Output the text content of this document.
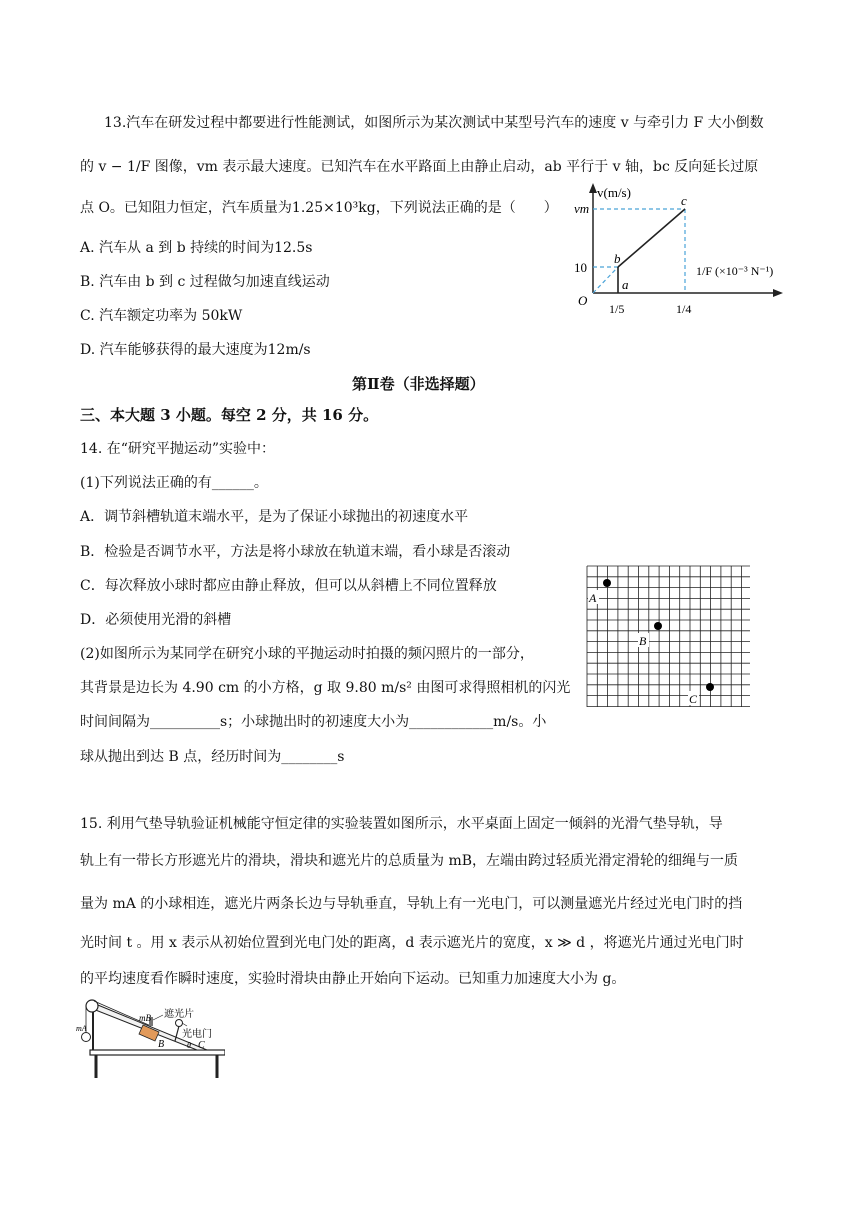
13.汽车在研发过程中都要进行性能测试，如图所示为某次测试中某型号汽车的速度 v 与牵引力 F 大小倒数
的 v − 1/F 图像，vm 表示最大速度。已知汽车在水平路面上由静止启动，ab 平行于 v 轴，bc 反向延长过原
点 O。已知阻力恒定，汽车质量为1.25×10³kg，下列说法正确的是（　　）
A. 汽车从 a 到 b 持续的时间为12.5s
B. 汽车由 b 到 c 过程做匀加速直线运动
C. 汽车额定功率为 50kW
D. 汽车能够获得的最大速度为12m/s
v(m/s)
vm
c
b
a
O
10
1/5	1/4
1/F (×10⁻³ N⁻¹)
第Ⅱ卷（非选择题）
三、本大题 3 小题。每空 2 分，共 16 分。
14. 在“研究平抛运动”实验中：
(1)下列说法正确的有______。
A．调节斜槽轨道末端水平，是为了保证小球抛出的初速度水平
B．检验是否调节水平，方法是将小球放在轨道末端，看小球是否滚动
C．每次释放小球时都应由静止释放，但可以从斜槽上不同位置释放
D．必须使用光滑的斜槽
(2)如图所示为某同学在研究小球的平抛运动时拍摄的频闪照片的一部分，
其背景是边长为 4.90 cm 的小方格，g 取 9.80 m/s² 由图可求得照相机的闪光
时间间隔为__________s；小球抛出时的初速度大小为____________m/s。小
球从抛出到达 B 点，经历时间为________s
A
B
C
15. 利用气垫导轨验证机械能守恒定律的实验装置如图所示，水平桌面上固定一倾斜的光滑气垫导轨，导
轨上有一带长方形遮光片的滑块，滑块和遮光片的总质量为 mB，左端由跨过轻质光滑定滑轮的细绳与一质
量为 mA 的小球相连，遮光片两条长边与导轨垂直，导轨上有一光电门，可以测量遮光片经过光电门时的挡
光时间 t 。用 x 表示从初始位置到光电门处的距离，d 表示遮光片的宽度，x ≫ d ，将遮光片通过光电门时
的平均速度看作瞬时速度，实验时滑块由静止开始向下运动。已知重力加速度大小为 g。
遮光片
光电门
mB
mA
B	C
θ
